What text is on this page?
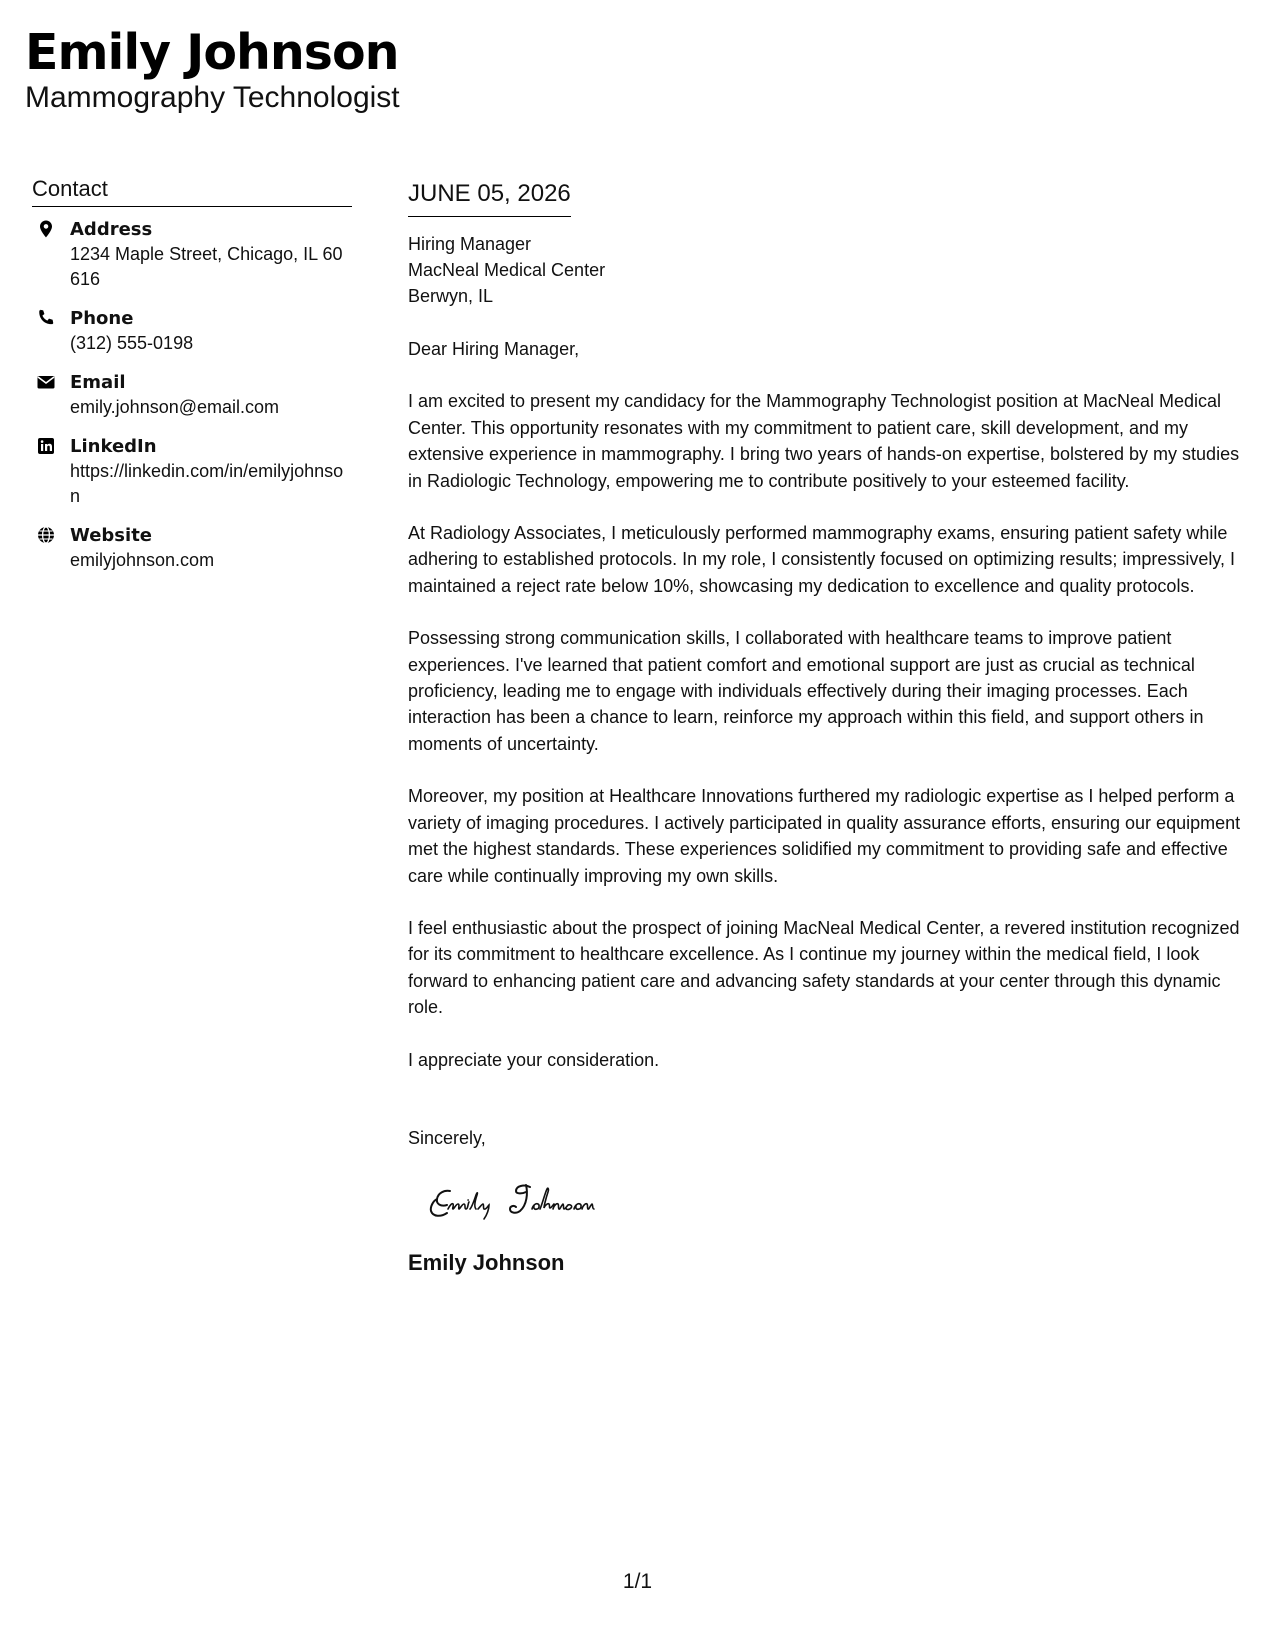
Emily Johnson
Mammography Technologist
Contact
Address
1234 Maple Street, Chicago, IL 60616
Phone
(312) 555-0198
Email
emily.johnson@email.com
LinkedIn
https://linkedin.com/in/emilyjohnson
Website
emilyjohnson.com
JUNE 05, 2026
Hiring Manager
MacNeal Medical Center
Berwyn, IL
Dear Hiring Manager,

I am excited to present my candidacy for the Mammography Technologist position at MacNeal Medical Center. This opportunity resonates with my commitment to patient care, skill development, and my extensive experience in mammography. I bring two years of hands-on expertise, bolstered by my studies in Radiologic Technology, empowering me to contribute positively to your esteemed facility.

At Radiology Associates, I meticulously performed mammography exams, ensuring patient safety while adhering to established protocols. In my role, I consistently focused on optimizing results; impressively, I maintained a reject rate below 10%, showcasing my dedication to excellence and quality protocols.

Possessing strong communication skills, I collaborated with healthcare teams to improve patient experiences. I've learned that patient comfort and emotional support are just as crucial as technical proficiency, leading me to engage with individuals effectively during their imaging processes. Each interaction has been a chance to learn, reinforce my approach within this field, and support others in moments of uncertainty.

Moreover, my position at Healthcare Innovations furthered my radiologic expertise as I helped perform a variety of imaging procedures. I actively participated in quality assurance efforts, ensuring our equipment met the highest standards. These experiences solidified my commitment to providing safe and effective care while continually improving my own skills.

I feel enthusiastic about the prospect of joining MacNeal Medical Center, a revered institution recognized for its commitment to healthcare excellence. As I continue my journey within the medical field, I look forward to enhancing patient care and advancing safety standards at your center through this dynamic role.

I appreciate your consideration.

Sincerely,
Emily Johnson
1/1
